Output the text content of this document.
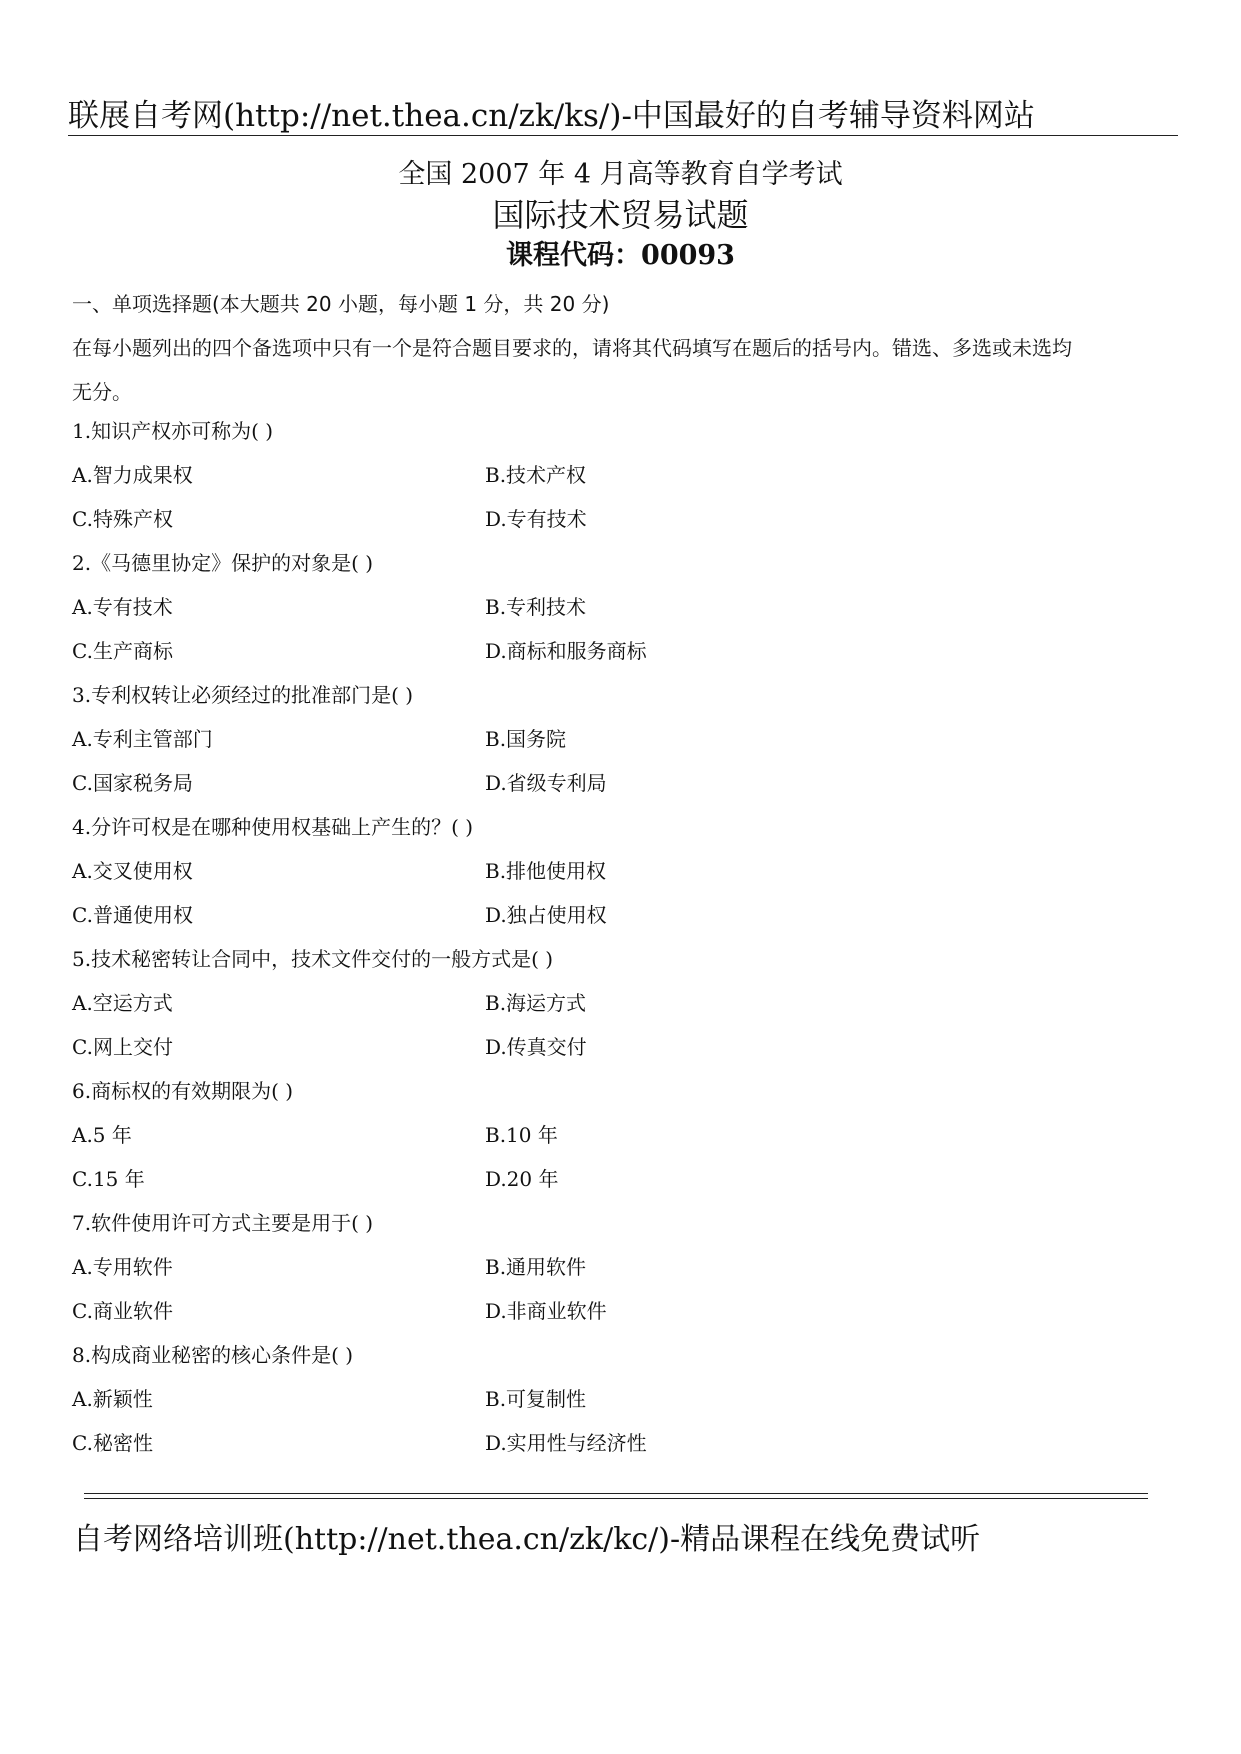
联展自考网(http://net.thea.cn/zk/ks/)-中国最好的自考辅导资料网站
全国 2007 年 4 月高等教育自学考试
国际技术贸易试题
课程代码：00093
一、单项选择题(本大题共 20 小题，每小题 1 分，共 20 分)
在每小题列出的四个备选项中只有一个是符合题目要求的，请将其代码填写在题后的括号内。错选、多选或未选均
无分。
1.知识产权亦可称为( )
A.智力成果权	B.技术产权
C.特殊产权	D.专有技术
2.《马德里协定》保护的对象是( )
A.专有技术	B.专利技术
C.生产商标	D.商标和服务商标
3.专利权转让必须经过的批准部门是( )
A.专利主管部门	B.国务院
C.国家税务局	D.省级专利局
4.分许可权是在哪种使用权基础上产生的？( )
A.交叉使用权	B.排他使用权
C.普通使用权	D.独占使用权
5.技术秘密转让合同中，技术文件交付的一般方式是( )
A.空运方式	B.海运方式
C.网上交付	D.传真交付
6.商标权的有效期限为( )
A.5 年	B.10 年
C.15 年	D.20 年
7.软件使用许可方式主要是用于( )
A.专用软件	B.通用软件
C.商业软件	D.非商业软件
8.构成商业秘密的核心条件是( )
A.新颖性	B.可复制性
C.秘密性	D.实用性与经济性
自考网络培训班(http://net.thea.cn/zk/kc/)-精品课程在线免费试听
